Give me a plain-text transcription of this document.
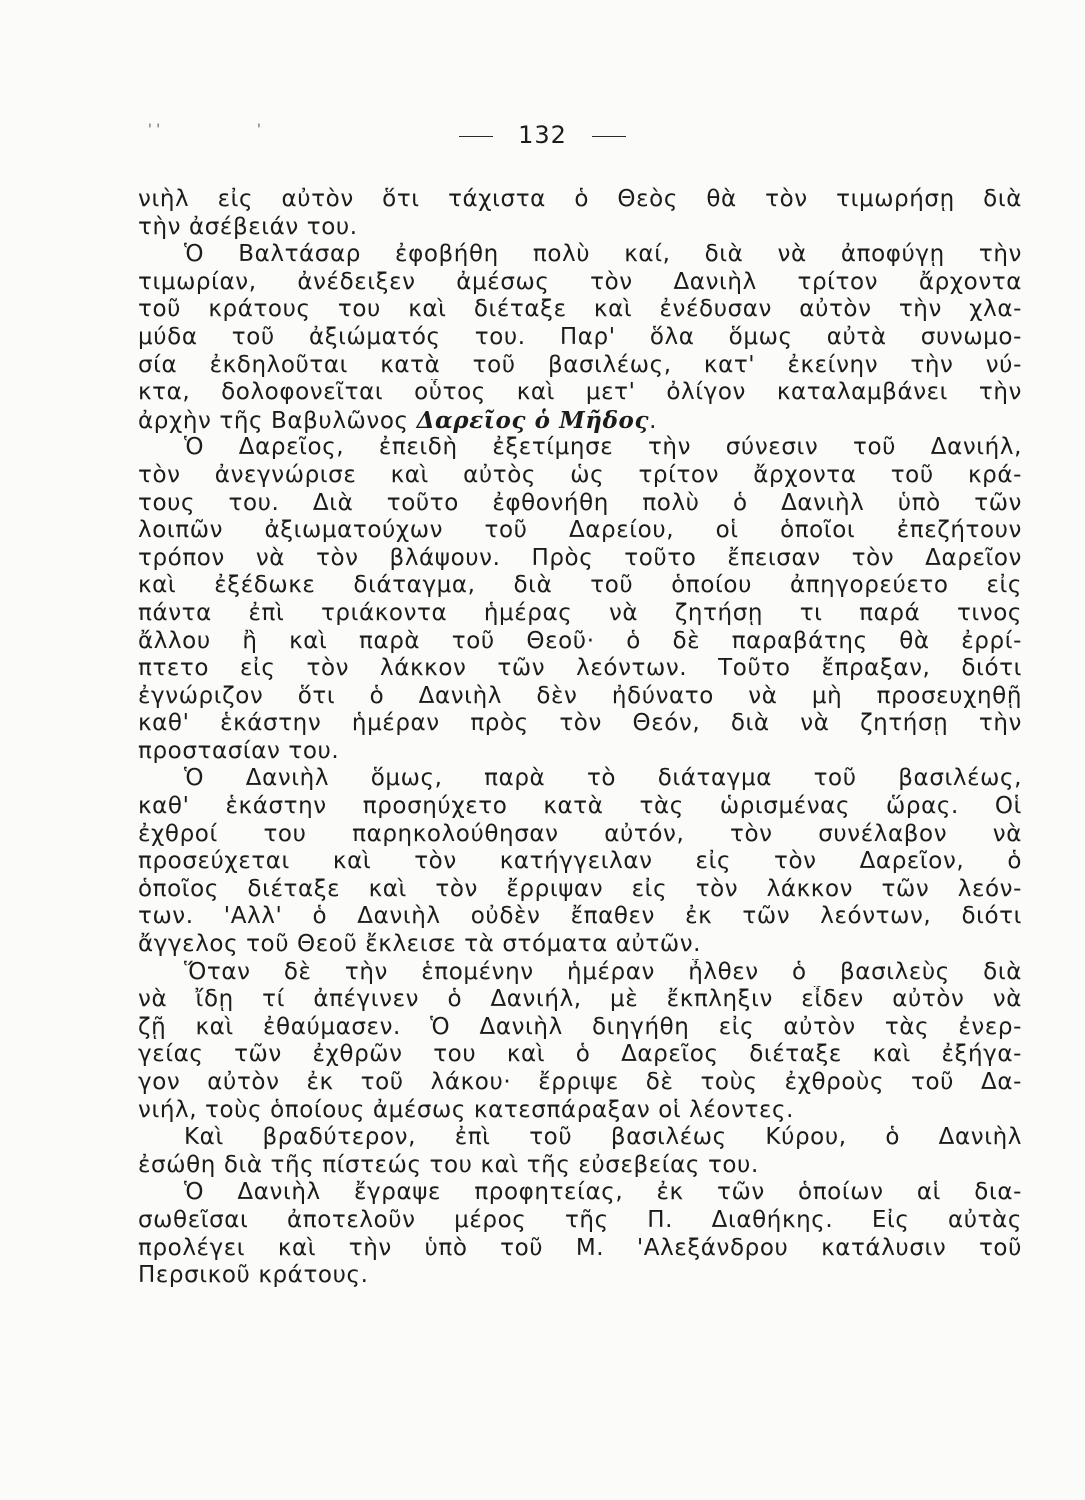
' '	'	132
νιὴλ εἰς αὐτὸν ὅτι τάχιστα ὁ Θεὸς θὰ τὸν τιμωρήσῃ διὰ
τὴν ἀσέβειάν του.
Ὁ Βαλτάσαρ ἐφοβήθη πολὺ καί, διὰ νὰ ἀποφύγῃ τὴν
τιμωρίαν, ἀνέδειξεν ἀμέσως τὸν Δανιὴλ τρίτον ἄρχοντα
τοῦ κράτους του καὶ διέταξε καὶ ἐνέδυσαν αὐτὸν τὴν χλα-
μύδα τοῦ ἀξιώματός του. Παρ' ὅλα ὅμως αὐτὰ συνωμο-
σία ἐκδηλοῦται κατὰ τοῦ βασιλέως, κατ' ἐκείνην τὴν νύ-
κτα, δολοφονεῖται οὗτος καὶ μετ' ὀλίγον καταλαμβάνει τὴν
ἀρχὴν τῆς Βαβυλῶνος Δαρεῖος ὁ Μῆδος.
Ὁ Δαρεῖος, ἐπειδὴ ἐξετίμησε τὴν σύνεσιν τοῦ Δανιήλ,
τὸν ἀνεγνώρισε καὶ αὐτὸς ὡς τρίτον ἄρχοντα τοῦ κρά-
τους του. Διὰ τοῦτο ἐφθονήθη πολὺ ὁ Δανιὴλ ὑπὸ τῶν
λοιπῶν ἀξιωματούχων τοῦ Δαρείου, οἱ ὁποῖοι ἐπεζήτουν
τρόπον νὰ τὸν βλάψουν. Πρὸς τοῦτο ἔπεισαν τὸν Δαρεῖον
καὶ ἐξέδωκε διάταγμα, διὰ τοῦ ὁποίου ἀπηγορεύετο εἰς
πάντα ἐπὶ τριάκοντα ἡμέρας νὰ ζητήσῃ τι παρά τινος
ἄλλου ἢ καὶ παρὰ τοῦ Θεοῦ· ὁ δὲ παραβάτης θὰ ἐρρί-
πτετο εἰς τὸν λάκκον τῶν λεόντων. Τοῦτο ἔπραξαν, διότι
ἐγνώριζον ὅτι ὁ Δανιὴλ δὲν ἠδύνατο νὰ μὴ προσευχηθῇ
καθ' ἑκάστην ἡμέραν πρὸς τὸν Θεόν, διὰ νὰ ζητήσῃ τὴν
προστασίαν του.
Ὁ Δανιὴλ ὅμως, παρὰ τὸ διάταγμα τοῦ βασιλέως,
καθ' ἑκάστην προσηύχετο κατὰ τὰς ὡρισμένας ὥρας. Οἱ
ἐχθροί του παρηκολούθησαν αὐτόν, τὸν συνέλαβον νὰ
προσεύχεται καὶ τὸν κατήγγειλαν εἰς τὸν Δαρεῖον, ὁ
ὁποῖος διέταξε καὶ τὸν ἔρριψαν εἰς τὸν λάκκον τῶν λεόν-
των. 'Αλλ' ὁ Δανιὴλ οὐδὲν ἔπαθεν ἐκ τῶν λεόντων, διότι
ἄγγελος τοῦ Θεοῦ ἔκλεισε τὰ στόματα αὐτῶν.
Ὅταν δὲ τὴν ἑπομένην ἡμέραν ἦλθεν ὁ βασιλεὺς διὰ
νὰ ἴδῃ τί ἀπέγινεν ὁ Δανιήλ, μὲ ἔκπληξιν εἶδεν αὐτὸν νὰ
ζῇ καὶ ἐθαύμασεν. Ὁ Δανιὴλ διηγήθη εἰς αὐτὸν τὰς ἐνερ-
γείας τῶν ἐχθρῶν του καὶ ὁ Δαρεῖος διέταξε καὶ ἐξήγα-
γον αὐτὸν ἐκ τοῦ λάκου· ἔρριψε δὲ τοὺς ἐχθροὺς τοῦ Δα-
νιήλ, τοὺς ὁποίους ἀμέσως κατεσπάραξαν οἱ λέοντες.
Καὶ βραδύτερον, ἐπὶ τοῦ βασιλέως Κύρου, ὁ Δανιὴλ
ἐσώθη διὰ τῆς πίστεώς του καὶ τῆς εὐσεβείας του.
Ὁ Δανιὴλ ἔγραψε προφητείας, ἐκ τῶν ὁποίων αἱ δια-
σωθεῖσαι ἀποτελοῦν μέρος τῆς Π. Διαθήκης. Εἰς αὐτὰς
προλέγει καὶ τὴν ὑπὸ τοῦ Μ. 'Αλεξάνδρου κατάλυσιν τοῦ
Περσικοῦ κράτους.
